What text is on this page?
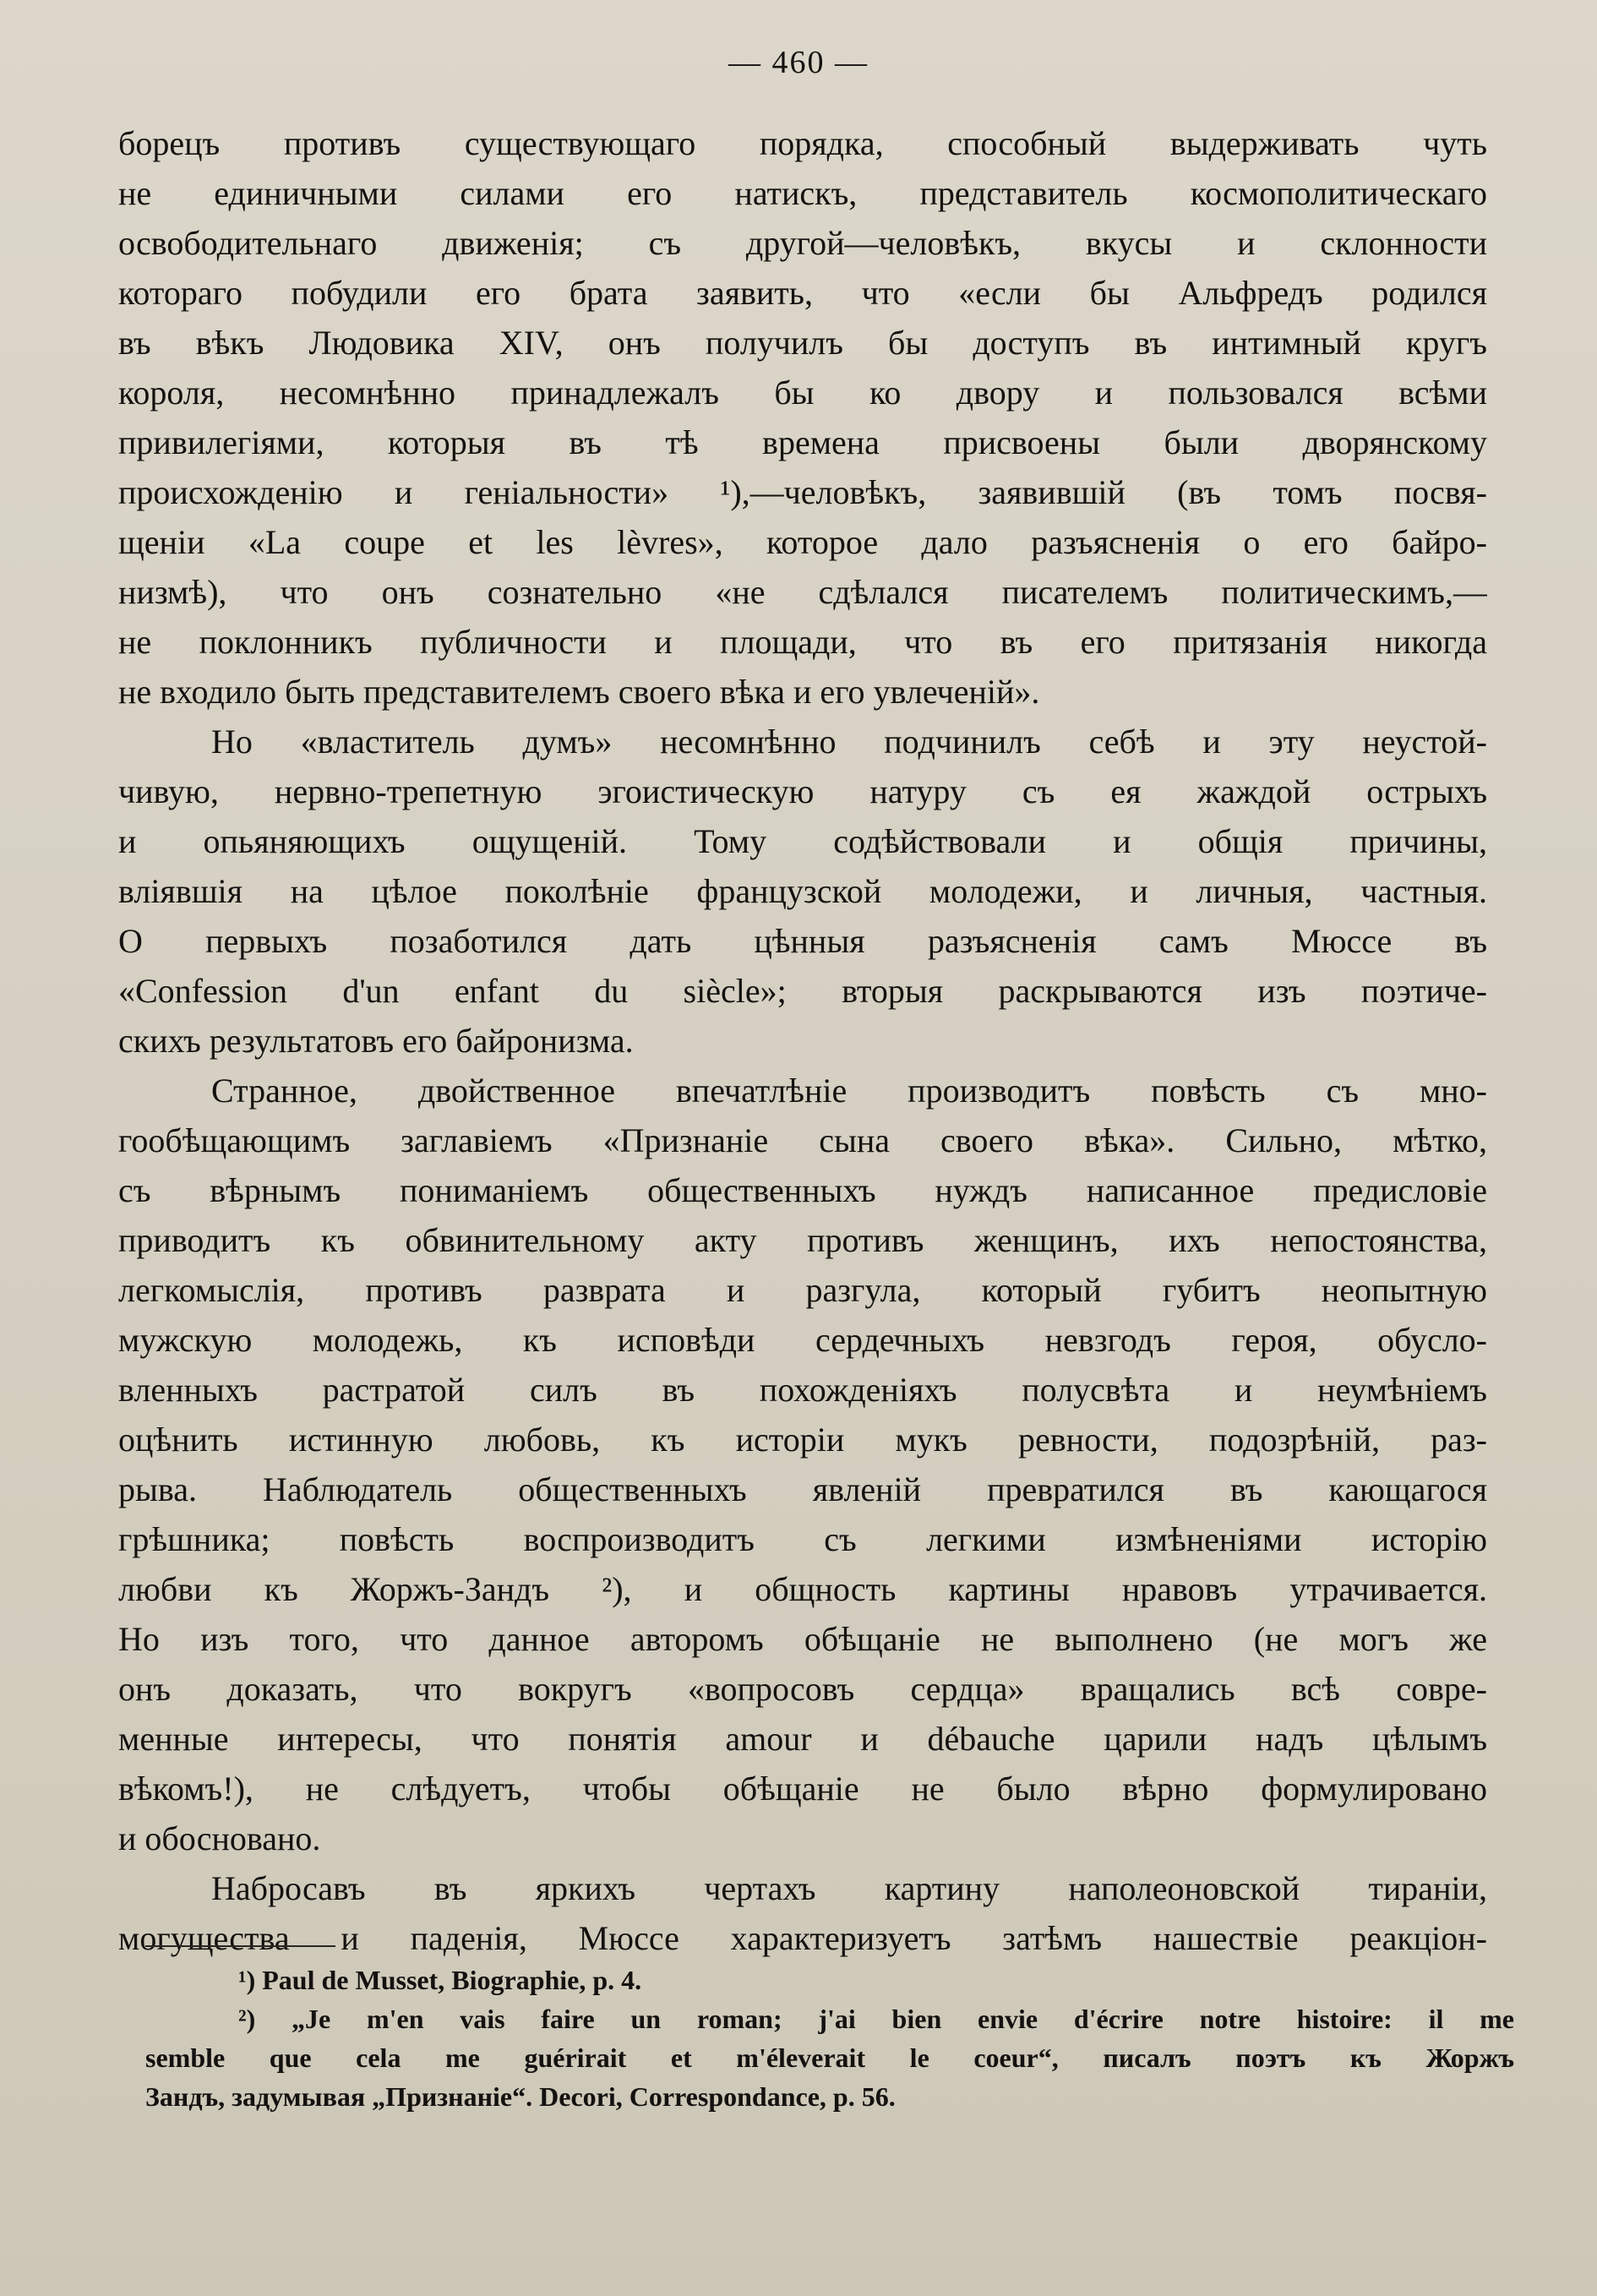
— 460 —
борецъ противъ существующаго порядка, способный выдерживать чуть
не единичными силами его натискъ, представитель космополитическаго
освободительнаго движенія; съ другой—человѣкъ, вкусы и склонности
котораго побудили его брата заявить, что «если бы Альфредъ родился
въ вѣкъ Людовика XIV, онъ получилъ бы доступъ въ интимный кругъ
короля, несомнѣнно принадлежалъ бы ко двору и пользовался всѣми
привилегіями, которыя въ тѣ времена присвоены были дворянскому
происхожденію и геніальности» ¹),—человѣкъ, заявившій (въ томъ посвя-
щеніи «La coupe et les lèvres», которое дало разъясненія о его байро-
низмѣ), что онъ сознательно «не сдѣлался писателемъ политическимъ,—
не поклонникъ публичности и площади, что въ его притязанія никогда
не входило быть представителемъ своего вѣка и его увлеченій».
Но «властитель думъ» несомнѣнно подчинилъ себѣ и эту неустой-
чивую, нервно-трепетную эгоистическую натуру съ ея жаждой острыхъ
и опьяняющихъ ощущеній. Тому содѣйствовали и общія причины,
вліявшія на цѣлое поколѣніе французской молодежи, и личныя, частныя.
О первыхъ позаботился дать цѣнныя разъясненія самъ Мюссе въ
«Confession d'un enfant du siècle»; вторыя раскрываются изъ поэтиче-
скихъ результатовъ его байронизма.
Странное, двойственное впечатлѣніе производитъ повѣсть съ мно-
гообѣщающимъ заглавіемъ «Признаніе сына своего вѣка». Сильно, мѣтко,
съ вѣрнымъ пониманіемъ общественныхъ нуждъ написанное предисловіе
приводитъ къ обвинительному акту противъ женщинъ, ихъ непостоянства,
легкомыслія, противъ разврата и разгула, который губитъ неопытную
мужскую молодежь, къ исповѣди сердечныхъ невзгодъ героя, обусло-
вленныхъ растратой силъ въ похожденіяхъ полусвѣта и неумѣніемъ
оцѣнить истинную любовь, къ исторіи мукъ ревности, подозрѣній, раз-
рыва. Наблюдатель общественныхъ явленій превратился въ кающагося
грѣшника; повѣсть воспроизводитъ съ легкими измѣненіями исторію
любви къ Жоржъ-Зандъ ²), и общность картины нравовъ утрачивается.
Но изъ того, что данное авторомъ обѣщаніе не выполнено (не могъ же
онъ доказать, что вокругъ «вопросовъ сердца» вращались всѣ совре-
менные интересы, что понятія amour и débauche царили надъ цѣлымъ
вѣкомъ!), не слѣдуетъ, чтобы обѣщаніе не было вѣрно формулировано
и обосновано.
Набросавъ въ яркихъ чертахъ картину наполеоновской тираніи,
могущества и паденія, Мюссе характеризуетъ затѣмъ нашествіе реакціон-
¹) Paul de Musset, Biographie, p. 4.
²) „Je m'en vais faire un roman; j'ai bien envie d'écrire notre histoire: il me
semble que cela me guérirait et m'éleverait le coeur“, писалъ поэтъ къ Жоржъ
Зандъ, задумывая „Признаніе“. Decori, Correspondance, p. 56.
